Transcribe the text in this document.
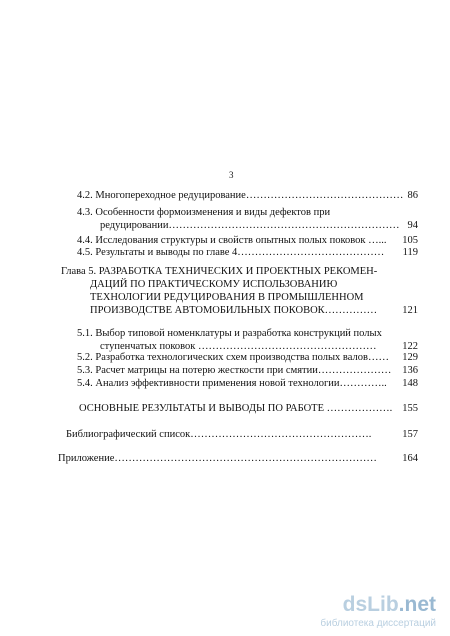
3
4.2. Многопереходное редуцирование……………………………………… 86
4.3. Особенности формоизменения и виды дефектов при
редуцировании………………………………………………………… 94
4.4. Исследования структуры и свойств опытных полых поковок …...	105
4.5. Результаты и выводы по главе 4……………………………………	119
Глава 5. РАЗРАБОТКА ТЕХНИЧЕСКИХ И ПРОЕКТНЫХ РЕКОМЕН-
ДАЦИЙ ПО ПРАКТИЧЕСКОМУ ИСПОЛЬЗОВАНИЮ
ТЕХНОЛОГИИ РЕДУЦИРОВАНИЯ В ПРОМЫШЛЕННОМ
ПРОИЗВОДСТВЕ АВТОМОБИЛЬНЫХ ПОКОВОК……………	121
5.1. Выбор типовой номенклатуры и разработка конструкций полых
ступенчатых поковок ……………………………………………	122
5.2. Разработка технологических схем производства полых валов……	129
5.3. Расчет матрицы на потерю жесткости при смятии…………………	136
5.4. Анализ эффективности применения новой технологии…………..	148
ОСНОВНЫЕ РЕЗУЛЬТАТЫ И ВЫВОДЫ ПО РАБОТЕ ………………. 155
Библиографический список…………………………………………….	157
Приложение…………………………………………………………………	164
dsLib.net
библиотека диссертаций
